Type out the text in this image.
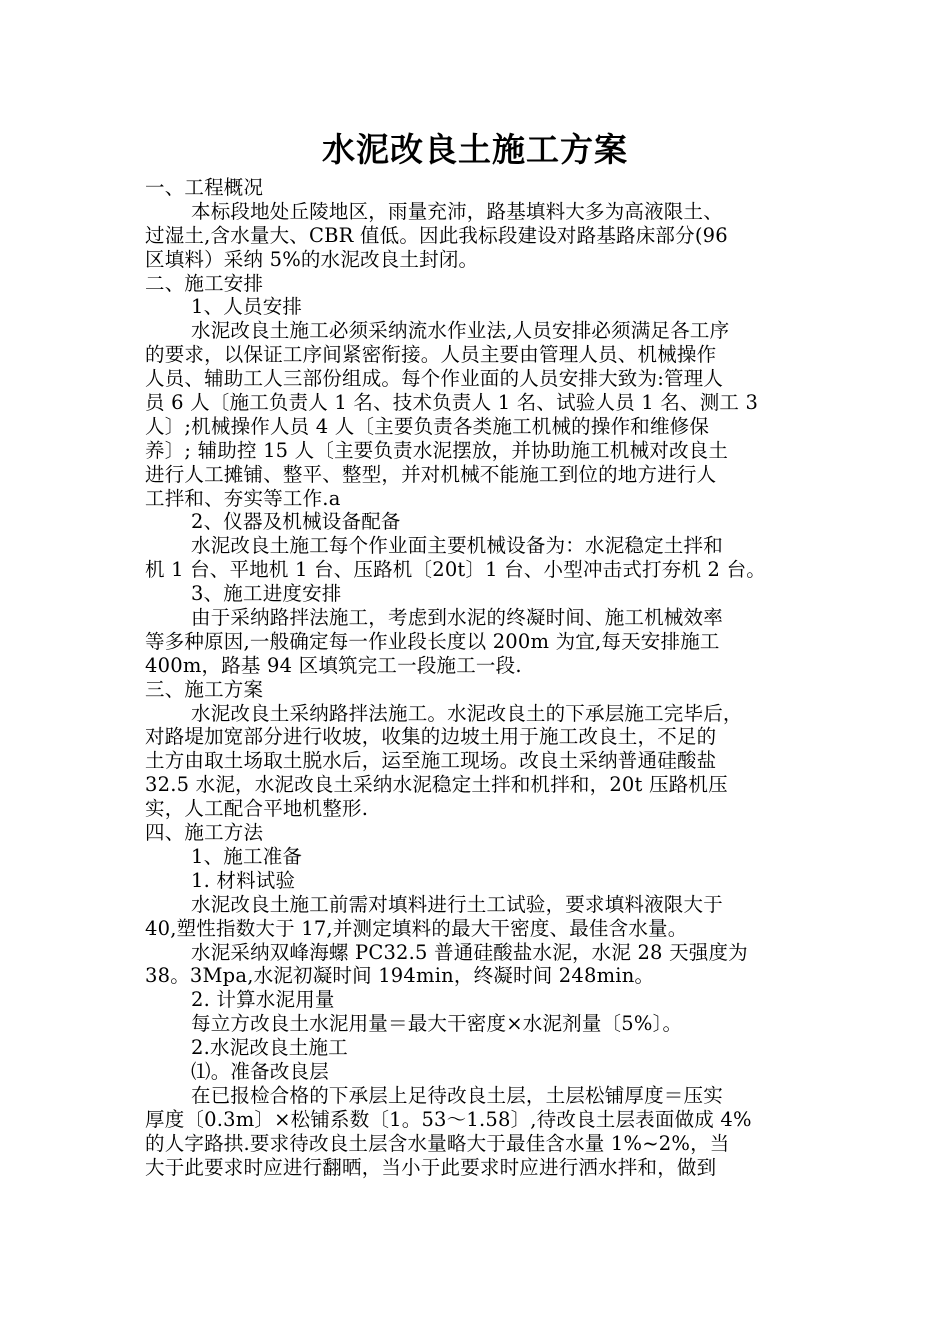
水泥改良土施工方案
一、工程概况
本标段地处丘陵地区，雨量充沛，路基填料大多为高液限土、
过湿土,含水量大、CBR 值低。因此我标段建设对路基路床部分(96
区填料）采纳 5%的水泥改良土封闭。
二、施工安排
1、人员安排
水泥改良土施工必须采纳流水作业法,人员安排必须满足各工序
的要求，以保证工序间紧密衔接。人员主要由管理人员、机械操作
人员、辅助工人三部份组成。每个作业面的人员安排大致为:管理人
员 6 人〔施工负责人 1 名、技术负责人 1 名、试验人员 1 名、测工 3
人〕;机械操作人员 4 人〔主要负责各类施工机械的操作和维修保
养〕; 辅助控 15 人〔主要负责水泥摆放，并协助施工机械对改良土
进行人工摊铺、整平、整型，并对机械不能施工到位的地方进行人
工拌和、夯实等工作.a
2、仪器及机械设备配备
水泥改良土施工每个作业面主要机械设备为：水泥稳定土拌和
机 1 台、平地机 1 台、压路机〔20t〕1 台、小型冲击式打夯机 2 台。
3、施工进度安排
由于采纳路拌法施工，考虑到水泥的终凝时间、施工机械效率
等多种原因,一般确定每一作业段长度以 200m 为宜,每天安排施工
400m，路基 94 区填筑完工一段施工一段.
三、施工方案
水泥改良土采纳路拌法施工。水泥改良土的下承层施工完毕后，
对路堤加宽部分进行收坡，收集的边坡土用于施工改良土，不足的
土方由取土场取土脱水后，运至施工现场。改良土采纳普通硅酸盐
32.5 水泥，水泥改良土采纳水泥稳定土拌和机拌和，20t 压路机压
实，人工配合平地机整形.
四、施工方法
1、施工准备
1. 材料试验
水泥改良土施工前需对填料进行土工试验，要求填料液限大于
40,塑性指数大于 17,并测定填料的最大干密度、最佳含水量。
水泥采纳双峰海螺 PC32.5 普通硅酸盐水泥，水泥 28 天强度为
38。3Mpa,水泥初凝时间 194min，终凝时间 248min。
2. 计算水泥用量
每立方改良土水泥用量＝最大干密度×水泥剂量〔5%〕。
2.水泥改良土施工
⑴。准备改良层
在已报检合格的下承层上足待改良土层，土层松铺厚度＝压实
厚度〔0.3m〕×松铺系数〔1。53～1.58〕,待改良土层表面做成 4%
的人字路拱.要求待改良土层含水量略大于最佳含水量 1%~2%，当
大于此要求时应进行翻晒，当小于此要求时应进行洒水拌和，做到
